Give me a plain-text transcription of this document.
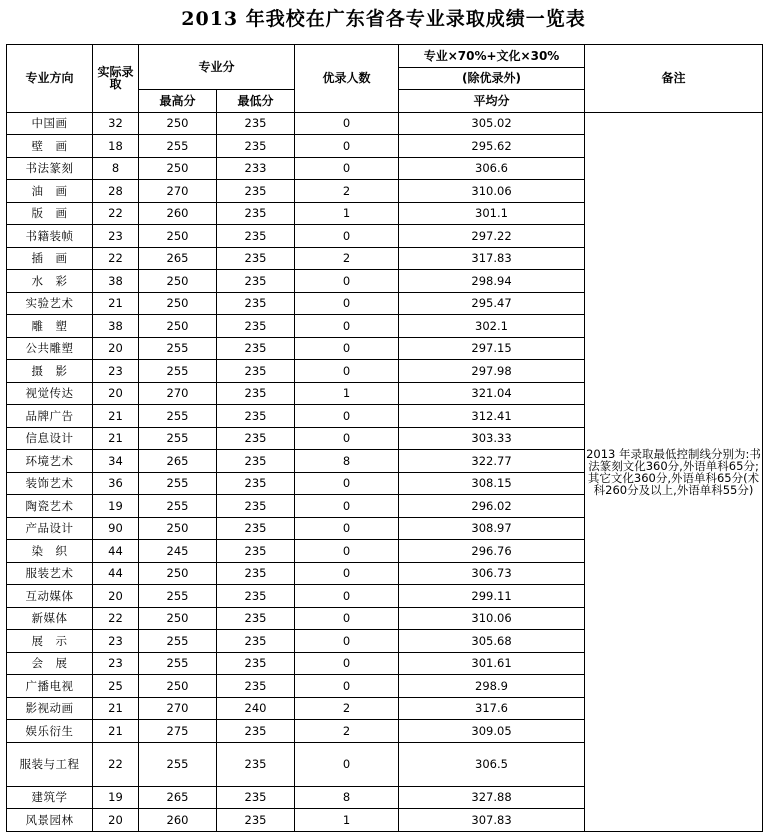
2013 年我校在广东省各专业录取成绩一览表
专业方向	实际录取	专业分		优录人数	专业×70%+文化×30%	备注
					(除优录外)	
		最高分	最低分		平均分	
中国画	32	250	235	0	305.02	2013 年录取最低控制线分别为:书法篆刻文化360分,外语单科65分;其它文化360分,外语单科65分(术科260分及以上,外语单科55分)
壁　画	18	255	235	0	295.62	
书法篆刻	8	250	233	0	306.6	
油　画	28	270	235	2	310.06	
版　画	22	260	235	1	301.1	
书籍装帧	23	250	235	0	297.22	
插　画	22	265	235	2	317.83	
水　彩	38	250	235	0	298.94	
实验艺术	21	250	235	0	295.47	
雕　塑	38	250	235	0	302.1	
公共雕塑	20	255	235	0	297.15	
摄　影	23	255	235	0	297.98	
视觉传达	20	270	235	1	321.04	
品牌广告	21	255	235	0	312.41	
信息设计	21	255	235	0	303.33	
环境艺术	34	265	235	8	322.77	
装饰艺术	36	255	235	0	308.15	
陶瓷艺术	19	255	235	0	296.02	
产品设计	90	250	235	0	308.97	
染　织	44	245	235	0	296.76	
服装艺术	44	250	235	0	306.73	
互动媒体	20	255	235	0	299.11	
新媒体	22	250	235	0	310.06	
展　示	23	255	235	0	305.68	
会　展	23	255	235	0	301.61	
广播电视	25	250	235	0	298.9	
影视动画	21	270	240	2	317.6	
娱乐衍生	21	275	235	2	309.05	
服装与工程	22	255	235	0	306.5	
建筑学	19	265	235	8	327.88	
风景园林	20	260	235	1	307.83	
